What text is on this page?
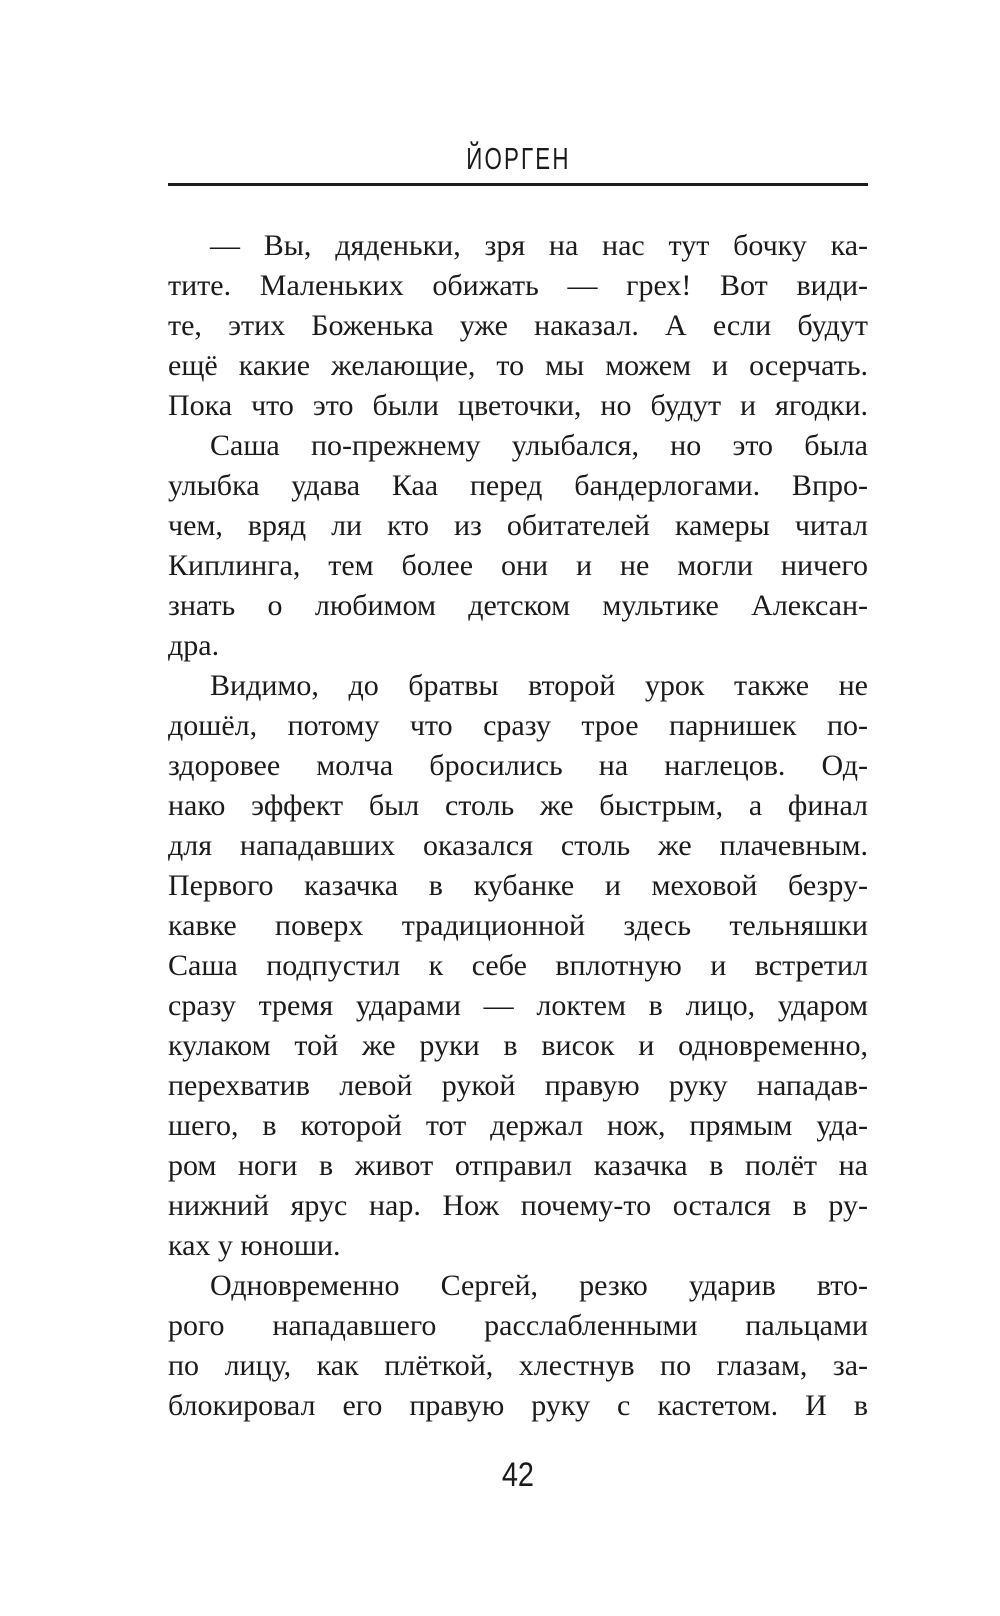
ЙОРГЕН

— Вы, дяденьки, зря на нас тут бочку ка-
тите. Маленьких обижать — грех! Вот види-
те, этих Боженька уже наказал. А если будут
ещё какие желающие, то мы можем и осерчать.
Пока что это были цветочки, но будут и ягодки.

Саша по-прежнему улыбался, но это была
улыбка удава Каа перед бандерлогами. Впро-
чем, вряд ли кто из обитателей камеры читал
Киплинга, тем более они и не могли ничего
знать о любимом детском мультике Алексан-
дра.

Видимо, до братвы второй урок также не
дошёл, потому что сразу трое парнишек по-
здоровее молча бросились на наглецов. Од-
нако эффект был столь же быстрым, а финал
для нападавших оказался столь же плачевным.
Первого казачка в кубанке и меховой безру-
кавке поверх традиционной здесь тельняшки
Саша подпустил к себе вплотную и встретил
сразу тремя ударами — локтем в лицо, ударом
кулаком той же руки в висок и одновременно,
перехватив левой рукой правую руку нападав-
шего, в которой тот держал нож, прямым уда-
ром ноги в живот отправил казачка в полёт на
нижний ярус нар. Нож почему-то остался в ру-
ках у юноши.

Одновременно Сергей, резко ударив вто-
рого нападавшего расслабленными пальцами
по лицу, как плёткой, хлестнув по глазам, за-
блокировал его правую руку с кастетом. И в

42
